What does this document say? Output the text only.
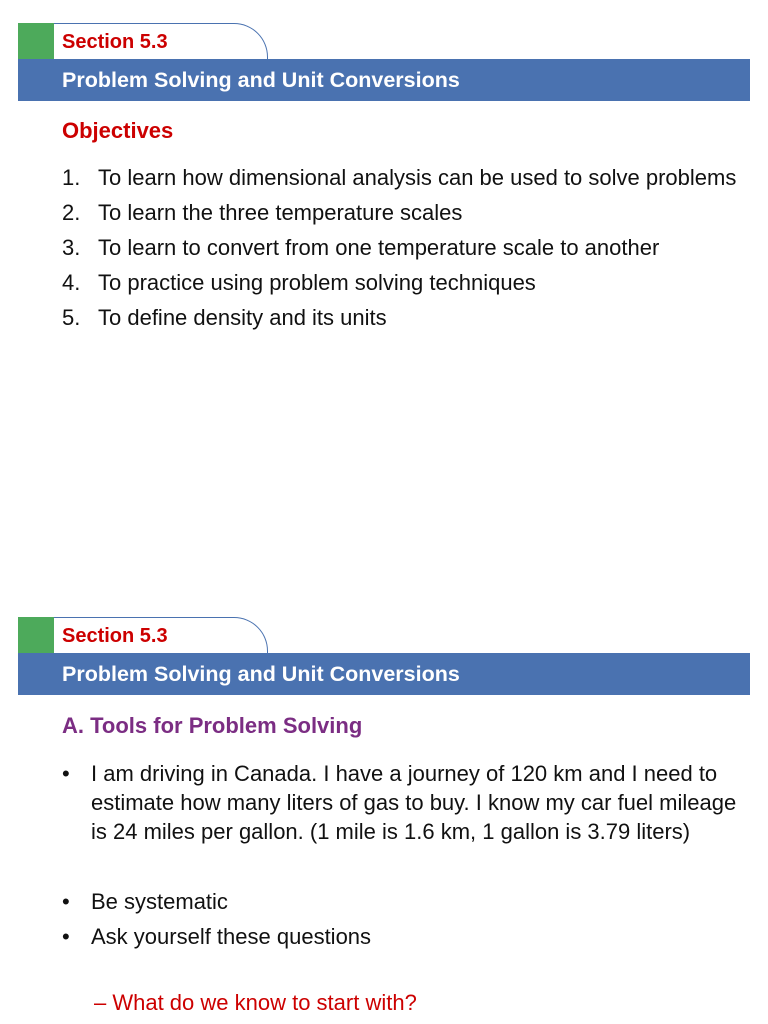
Section 5.3
Problem Solving and Unit Conversions
Objectives
1. To learn how dimensional analysis can be used to solve problems
2. To learn the three temperature scales
3. To learn to convert from one temperature scale to another
4. To practice using problem solving techniques
5. To define density and its units
Section 5.3
Problem Solving and Unit Conversions
A. Tools for Problem Solving
• I am driving in Canada. I have a journey of 120 km and I need to estimate how many liters of gas to buy. I know my car fuel mileage is 24 miles per gallon. (1 mile is 1.6 km, 1 gallon is 3.79 liters)
• Be systematic
• Ask yourself these questions
– What do we know to start with?
